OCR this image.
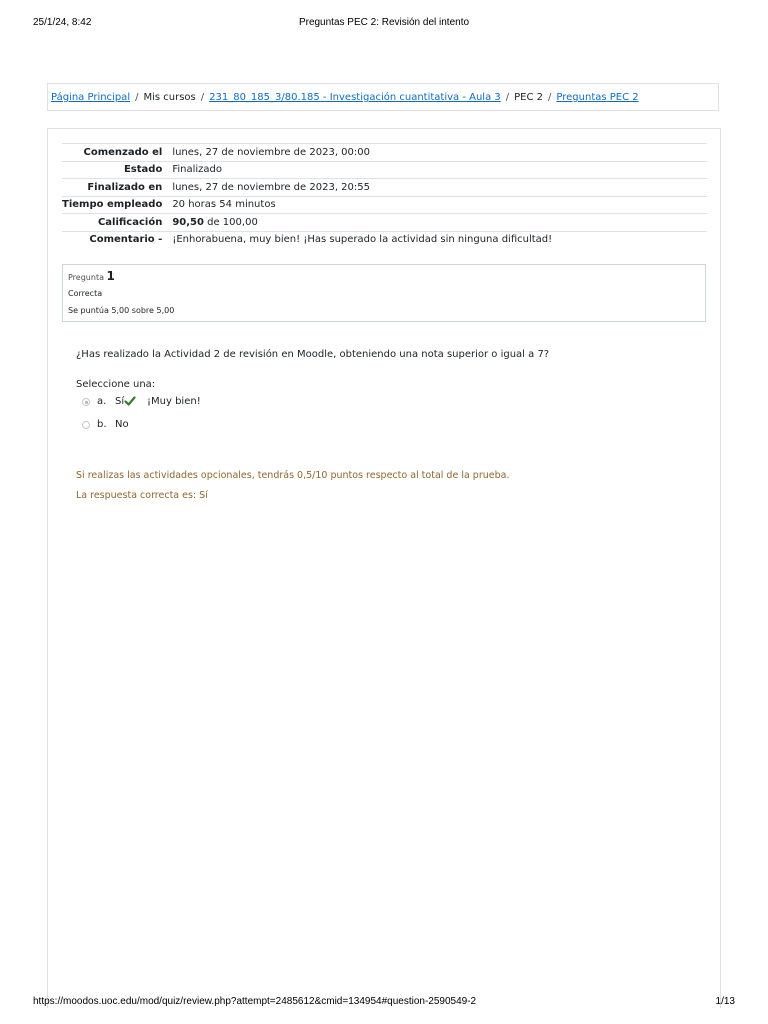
25/1/24, 8:42	Preguntas PEC 2: Revisión del intento
Página Principal / Mis cursos / 231_80_185_3/80.185 - Investigación cuantitativa - Aula 3 / PEC 2 / Preguntas PEC 2
Comenzado el	lunes, 27 de noviembre de 2023, 00:00
Estado	Finalizado
Finalizado en	lunes, 27 de noviembre de 2023, 20:55
Tiempo empleado	20 horas 54 minutos
Calificación	90,50 de 100,00
Comentario -	¡Enhorabuena, muy bien! ¡Has superado la actividad sin ninguna dificultad!
Pregunta 1
Correcta
Se puntúa 5,00 sobre 5,00
¿Has realizado la Actividad 2 de revisión en Moodle, obteniendo una nota superior o igual a 7?
Seleccione una:
a. Sí ¡Muy bien!
b. No
Si realizas las actividades opcionales, tendrás 0,5/10 puntos respecto al total de la prueba.
La respuesta correcta es: Sí
https://moodos.uoc.edu/mod/quiz/review.php?attempt=2485612&cmid=134954#question-2590549-2	1/13
